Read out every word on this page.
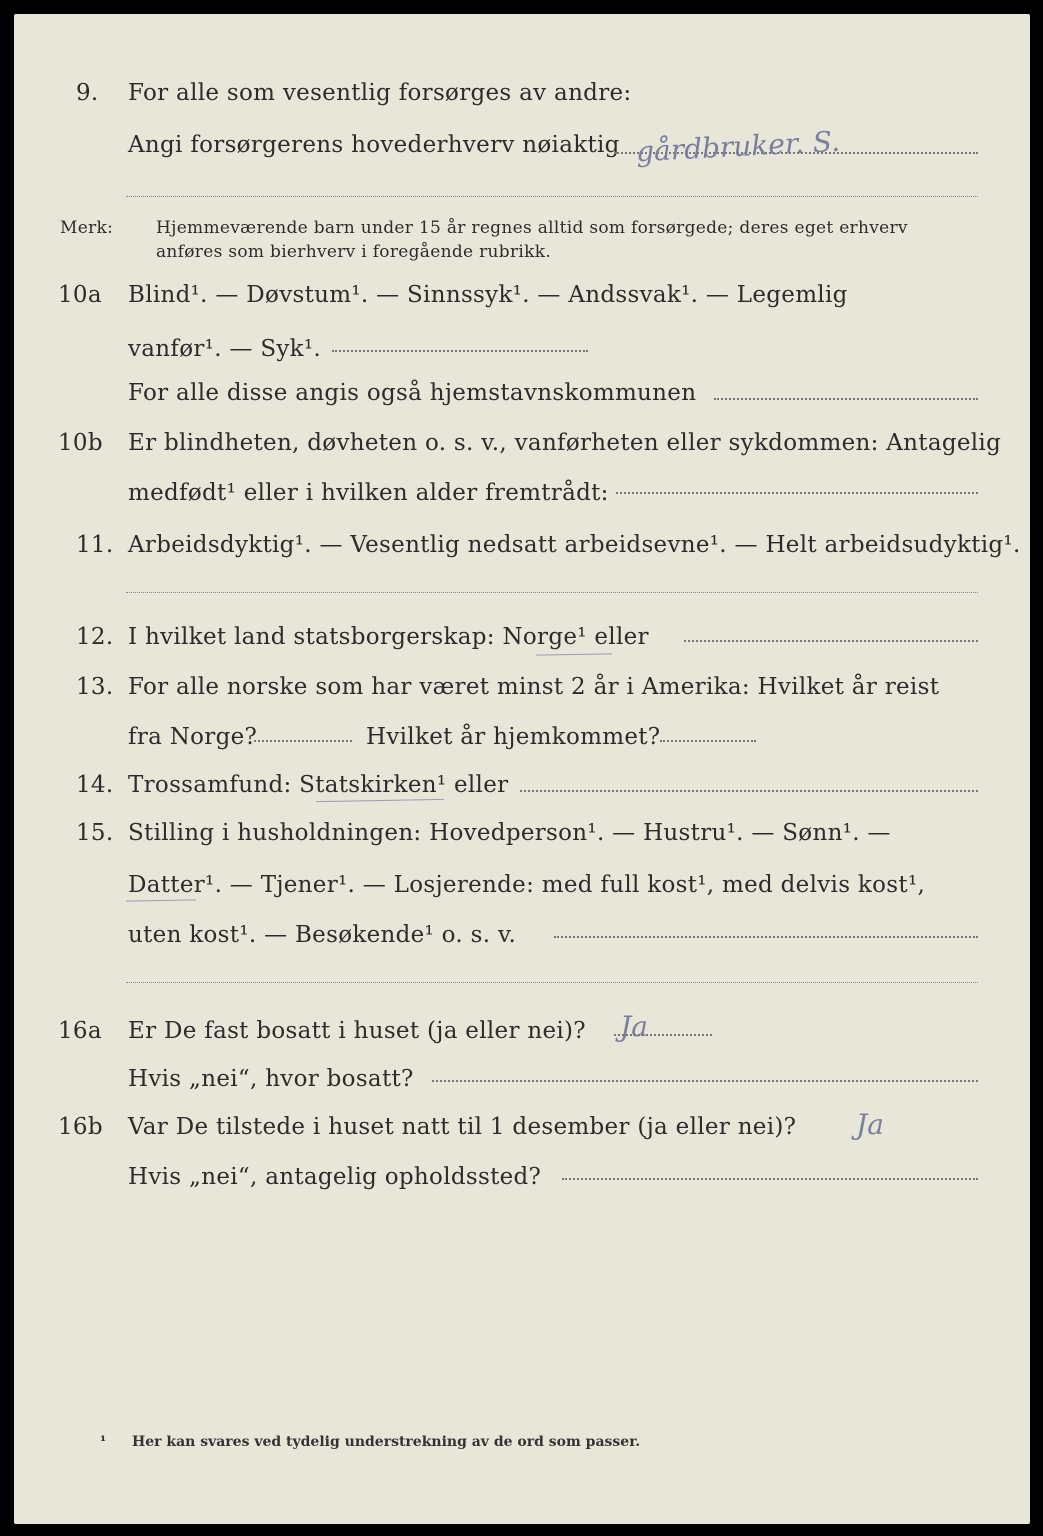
9. For alle som vesentlig forsørges av andre:
Angi forsørgerens hovederhverv nøiaktig gårdbruker. S.
Merk:	Hjemmeværende barn under 15 år regnes alltid som forsørgede; deres eget erhverv
anføres som bierhverv i foregående rubrikk.
10a Blind¹. — Døvstum¹. — Sinnssyk¹. — Andssvak¹. — Legemlig
vanfør¹. — Syk¹.
For alle disse angis også hjemstavnskommunen
10b Er blindheten, døvheten o. s. v., vanførheten eller sykdommen: Antagelig
medfødt¹ eller i hvilken alder fremtrådt:
11. Arbeidsdyktig¹. — Vesentlig nedsatt arbeidsevne¹. — Helt arbeidsudyktig¹.
12. I hvilket land statsborgerskap: Norge¹ eller
13. For alle norske som har været minst 2 år i Amerika: Hvilket år reist
fra Norge?	Hvilket år hjemkommet?
14. Trossamfund: Statskirken¹ eller
15. Stilling i husholdningen: Hovedperson¹. — Hustru¹. — Sønn¹. —
Datter¹. — Tjener¹. — Losjerende: med full kost¹, med delvis kost¹,
uten kost¹. — Besøkende¹ o. s. v.
16a Er De fast bosatt i huset (ja eller nei)? Ja
Hvis „nei“, hvor bosatt?
16b Var De tilstede i huset natt til 1 desember (ja eller nei)? Ja
Hvis „nei“, antagelig opholdssted?
¹ Her kan svares ved tydelig understrekning av de ord som passer.
